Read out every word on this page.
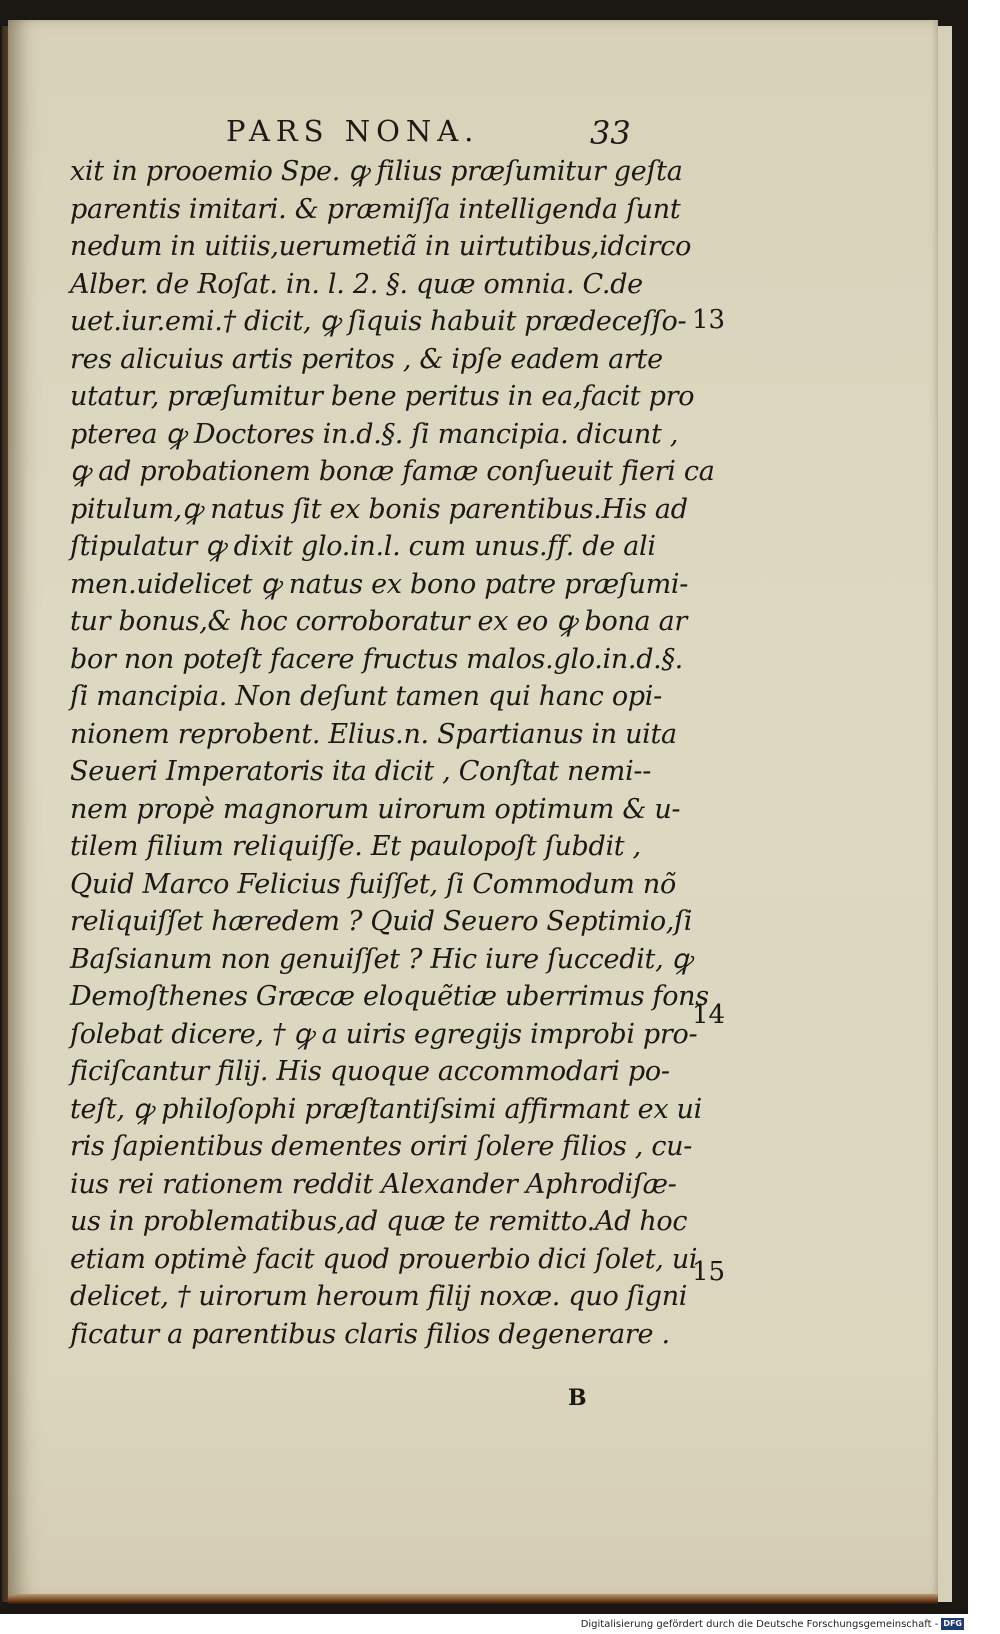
PARS NONA.	33
xit in prooemio Spe. ꝙ filius præſumitur geſta
parentis imitari. & præmiſſa intelligenda ſunt
nedum in uitiis,uerumetiã in uirtutibus,idcirco
Alber. de Roſat. in. l. 2. §. quæ omnia. C.de
uet.iur.emi.† dicit, ꝙ ſiquis habuit prædeceſſo-
res alicuius artis peritos , & ipſe eadem arte
utatur, præſumitur bene peritus in ea,facit pro
pterea ꝙ Doctores in.d.§. ſi mancipia. dicunt ,
ꝙ ad probationem bonæ famæ conſueuit fieri ca
pitulum,ꝙ natus ſit ex bonis parentibus.His ad
ſtipulatur ꝙ dixit glo.in.l. cum unus.ff. de ali
men.uidelicet ꝙ natus ex bono patre præſumi-
tur bonus,& hoc corroboratur ex eo ꝙ bona ar
bor non poteſt facere fructus malos.glo.in.d.§.
ſi mancipia. Non deſunt tamen qui hanc opi-
nionem reprobent. Elius.n. Spartianus in uita
Seueri Imperatoris ita dicit , Conſtat nemi--
nem propè magnorum uirorum optimum & u-
tilem filium reliquiſſe. Et paulopoſt ſubdit ,
Quid Marco Felicius fuiſſet, ſi Commodum nõ
reliquiſſet hæredem ? Quid Seuero Septimio,ſi
Baſsianum non genuiſſet ? Hic iure ſuccedit, ꝙ
Demoſthenes Græcæ eloquẽtiæ uberrimus fons
ſolebat dicere, † ꝙ a uiris egregijs improbi pro-
ficiſcantur filij. His quoque accommodari po-
teſt, ꝙ philoſophi præſtantiſsimi affirmant ex ui
ris ſapientibus dementes oriri ſolere filios , cu-
ius rei rationem reddit Alexander Aphrodiſæ-
us in problematibus,ad quæ te remitto.Ad hoc
etiam optimè facit quod prouerbio dici ſolet, ui
delicet, † uirorum heroum filij noxæ. quo ſigni
ficatur a parentibus claris filios degenerare .
13
14
15
B
Digitalisierung gefördert durch die Deutsche Forschungsgemeinschaft - DFG
